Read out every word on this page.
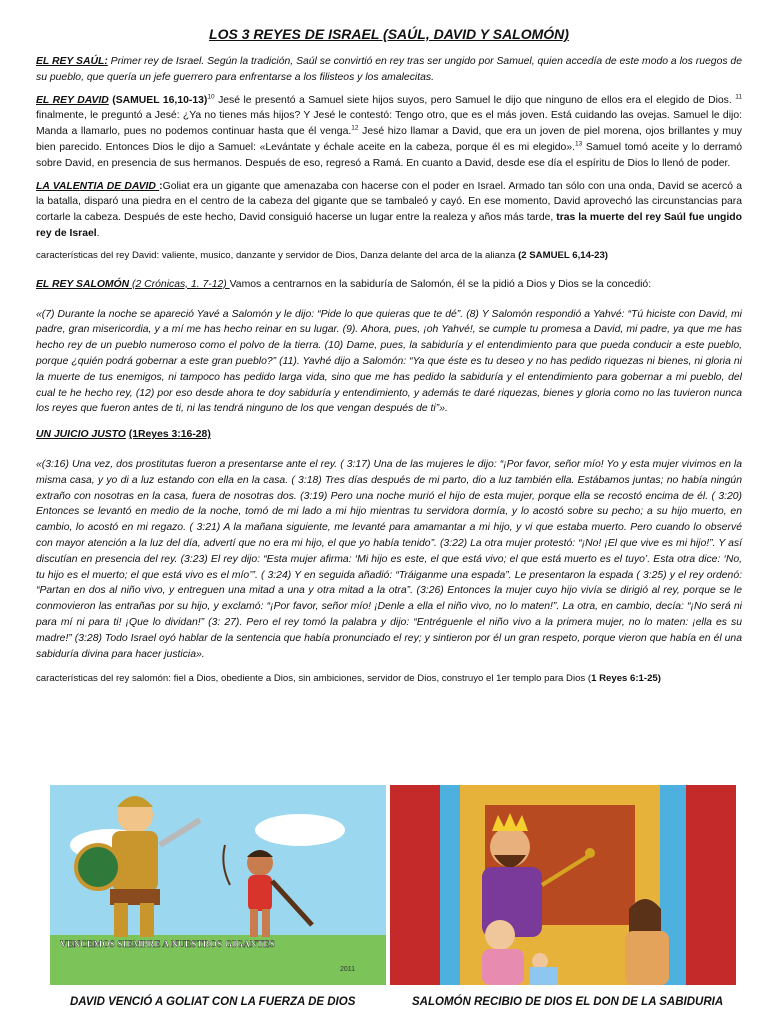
LOS 3 REYES DE ISRAEL (SAÚL, DAVID Y SALOMÓN)

EL REY SAÚL: Primer rey de Israel. Según la tradición, Saúl se convirtió en rey tras ser ungido por Samuel, quien accedía de este modo a los ruegos de su pueblo, que quería un jefe guerrero para enfrentarse a los filisteos y los amalecitas.

EL REY DAVID (SAMUEL 16,10-13)$^{10}$ Jesé le presentó a Samuel siete hijos suyos, pero Samuel le dijo que ninguno de ellos era el elegido de Dios. $^{11}$ finalmente, le preguntó a Jesé: ¿Ya no tienes más hijos? Y Jesé le contestó: Tengo otro, que es el más joven. Está cuidando las ovejas. Samuel le dijo: Manda a llamarlo, pues no podemos continuar hasta que él venga.$^{12}$ Jesé hizo llamar a David, que era un joven de piel morena, ojos brillantes y muy bien parecido. Entonces Dios le dijo a Samuel: «Levántate y échale aceite en la cabeza, porque él es mi elegido».$^{13}$ Samuel tomó aceite y lo derramó sobre David, en presencia de sus hermanos. Después de eso, regresó a Ramá. En cuanto a David, desde ese día el espíritu de Dios lo llenó de poder.

LA VALENTIA DE DAVID :Goliat era un gigante que amenazaba con hacerse con el poder en Israel. Armado tan sólo con una onda, David se acercó a la batalla, disparó una piedra en el centro de la cabeza del gigante que se tambaleó y cayó. En ese momento, David aprovechó las circunstancias para cortarle la cabeza. Después de este hecho, David consiguió hacerse un lugar entre la realeza y años más tarde, tras la muerte del rey Saúl fue ungido rey de Israel.

características del rey David: valiente, musico, danzante y servidor de Dios, Danza delante del arca de la alianza (2 SAMUEL 6,14-23)

EL REY SALOMÓN (2 Crónicas, 1. 7-12) Vamos a centrarnos en la sabiduría de Salomón, él se la pidió a Dios y Dios se la concedió:

«(7) Durante la noche se apareció Yavé a Salomón y le dijo: “Pide lo que quieras que te dé”. (8) Y Salomón respondió a Yahvé: “Tú hiciste con David, mi padre, gran misericordia, y a mí me has hecho reinar en su lugar. (9). Ahora, pues, ¡oh Yahvé!, se cumple tu promesa a David, mi padre, ya que me has hecho rey de un pueblo numeroso como el polvo de la tierra. (10) Dame, pues, la sabiduría y el entendimiento para que pueda conducir a este pueblo, porque ¿quién podrá gobernar a este gran pueblo?” (11). Yavhé dijo a Salomón: “Ya que éste es tu deseo y no has pedido riquezas ni bienes, ni gloria ni la muerte de tus enemigos, ni tampoco has pedido larga vida, sino que me has pedido la sabiduría y el entendimiento para gobernar a mi pueblo, del cual te he hecho rey, (12) por eso desde ahora te doy sabiduría y entendimiento, y además te daré riquezas, bienes y gloria como no las tuvieron nunca los reyes que fueron antes de ti, ni las tendrá ninguno de los que vengan después de ti”».

UN JUICIO JUSTO (1Reyes 3:16-28)

«(3:16) Una vez, dos prostitutas fueron a presentarse ante el rey. ( 3:17) Una de las mujeres le dijo: “¡Por favor, señor mío! Yo y esta mujer vivimos en la misma casa, y yo di a luz estando con ella en la casa. ( 3:18) Tres días después de mi parto, dio a luz también ella. Estábamos juntas; no había ningún extraño con nosotras en la casa, fuera de nosotras dos. (3:19) Pero una noche murió el hijo de esta mujer, porque ella se recostó encima de él. ( 3:20) Entonces se levantó en medio de la noche, tomó de mi lado a mi hijo mientras tu servidora dormía, y lo acostó sobre su pecho; a su hijo muerto, en cambio, lo acostó en mi regazo. ( 3:21) A la mañana siguiente, me levanté para amamantar a mi hijo, y vi que estaba muerto. Pero cuando lo observé con mayor atención a la luz del día, advertí que no era mi hijo, el que yo había tenido”. (3:22) La otra mujer protestó: “¡No! ¡El que vive es mi hijo!”. Y así discutían en presencia del rey. (3:23) El rey dijo: “Esta mujer afirma: ‘Mi hijo es este, el que está vivo; el que está muerto es el tuyo’. Esta otra dice: ‘No, tu hijo es el muerto; el que está vivo es el mío’”. ( 3:24) Y en seguida añadió: “Tráiganme una espada”. Le presentaron la espada ( 3:25) y el rey ordenó: “Partan en dos al niño vivo, y entreguen una mitad a una y otra mitad a la otra”. (3:26) Entonces la mujer cuyo hijo vivía se dirigió al rey, porque se le conmovieron las entrañas por su hijo, y exclamó: “¡Por favor, señor mío! ¡Denle a ella el niño vivo, no lo maten!”. La otra, en cambio, decía: “¡No será ni para mí ni para ti! ¡Que lo dividan!” (3: 27). Pero el rey tomó la palabra y dijo: “Entréguenle el niño vivo a la primera mujer, no lo maten: ¡ella es su madre!” (3:28) Todo Israel oyó hablar de la sentencia que había pronunciado el rey; y sintieron por él un gran respeto, porque vieron que había en él una sabiduría divina para hacer justicia».

características del rey salomón: fiel a Dios, obediente a Dios, sin ambiciones, servidor de Dios, construyo el 1er templo para Dios (1 Reyes 6:1-25)

VENCEMOS SIEMPRE A NUESTROS GIGANTES
2011
DAVID VENCIÓ A GOLIAT CON LA FUERZA DE DIOS	SALOMÓN RECIBIO DE DIOS EL DON DE LA SABIDURIA
